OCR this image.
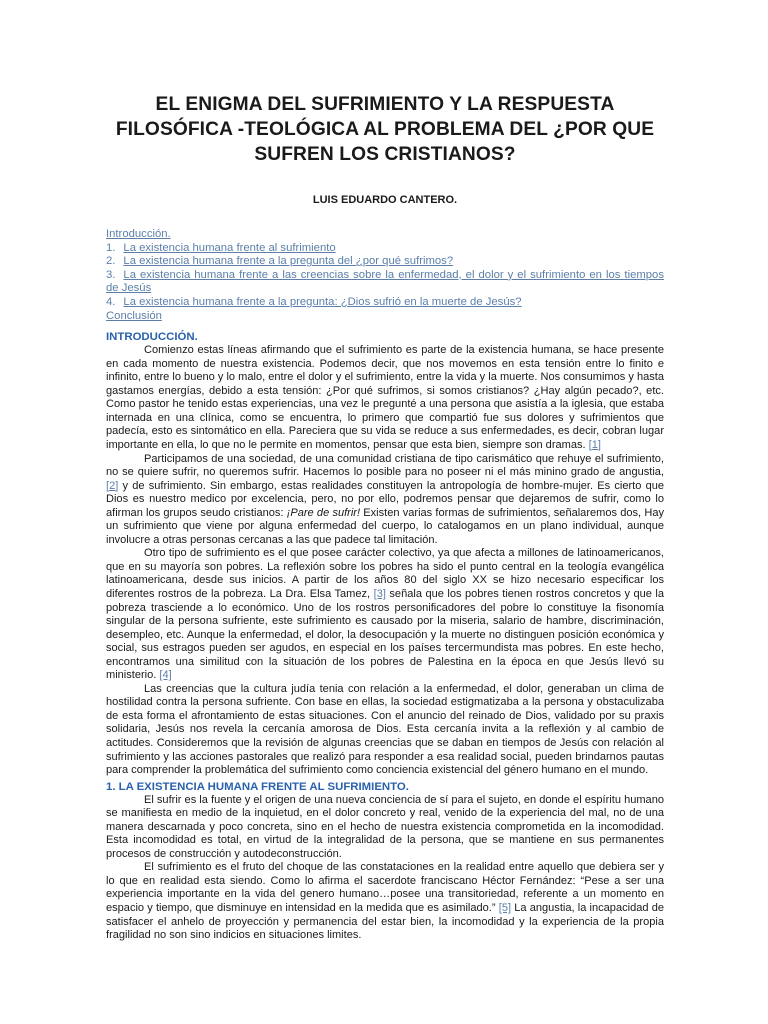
EL ENIGMA DEL SUFRIMIENTO Y LA RESPUESTA
FILOSÓFICA -TEOLÓGICA AL PROBLEMA DEL ¿POR QUE
SUFREN LOS CRISTIANOS?
LUIS EDUARDO CANTERO.
Introducción.
1. La existencia humana frente al sufrimiento
2. La existencia humana frente a la pregunta del ¿por qué sufrimos?
3. La existencia humana frente a las creencias sobre la enfermedad, el dolor y el sufrimiento en los tiempos de Jesús
4. La existencia humana frente a la pregunta: ¿Dios sufrió en la muerte de Jesús?
Conclusión
INTRODUCCIÓN.

Comienzo estas líneas afirmando que el sufrimiento es parte de la existencia humana, se hace presente en cada momento de nuestra existencia. Podemos decir, que nos movemos en esta tensión entre lo finito e infinito, entre lo bueno y lo malo, entre el dolor y el sufrimiento, entre la vida y la muerte. Nos consumimos y hasta gastamos energías, debido a esta tensión: ¿Por qué sufrimos, si somos cristianos? ¿Hay algún pecado?, etc. Como pastor he tenido estas experiencias, una vez le pregunté a una persona que asistía a la iglesia, que estaba internada en una clínica, como se encuentra, lo primero que compartió fue sus dolores y sufrimientos que padecía, esto es sintomático en ella. Pareciera que su vida se reduce a sus enfermedades, es decir, cobran lugar importante en ella, lo que no le permite en momentos, pensar que esta bien, siempre son dramas. [1]

Participamos de una sociedad, de una comunidad cristiana de tipo carismático que rehuye el sufrimiento, no se quiere sufrir, no queremos sufrir. Hacemos lo posible para no poseer ni el más minino grado de angustia, [2] y de sufrimiento. Sin embargo, estas realidades constituyen la antropología de hombre-mujer. Es cierto que Dios es nuestro medico por excelencia, pero, no por ello, podremos pensar que dejaremos de sufrir, como lo afirman los grupos seudo cristianos: ¡Pare de sufrir! Existen varias formas de sufrimientos, señalaremos dos, Hay un sufrimiento que viene por alguna enfermedad del cuerpo, lo catalogamos en un plano individual, aunque involucre a otras personas cercanas a las que padece tal limitación.

Otro tipo de sufrimiento es el que posee carácter colectivo, ya que afecta a millones de latinoamericanos, que en su mayoría son pobres. La reflexión sobre los pobres ha sido el punto central en la teología evangélica latinoamericana, desde sus inicios. A partir de los años 80 del siglo XX se hizo necesario especificar los diferentes rostros de la pobreza. La Dra. Elsa Tamez, [3] señala que los pobres tienen rostros concretos y que la pobreza trasciende a lo económico. Uno de los rostros personificadores del pobre lo constituye la fisonomía singular de la persona sufriente, este sufrimiento es causado por la miseria, salario de hambre, discriminación, desempleo, etc. Aunque la enfermedad, el dolor, la desocupación y la muerte no distinguen posición económica y social, sus estragos pueden ser agudos, en especial en los países tercermundista mas pobres. En este hecho, encontramos una similitud con la situación de los pobres de Palestina en la época en que Jesús llevó su ministerio. [4]

Las creencias que la cultura judía tenia con relación a la enfermedad, el dolor, generaban un clima de hostilidad contra la persona sufriente. Con base en ellas, la sociedad estigmatizaba a la persona y obstaculizaba de esta forma el afrontamiento de estas situaciones. Con el anuncio del reinado de Dios, validado por su praxis solidaria, Jesús nos revela la cercanía amorosa de Dios. Esta cercanía invita a la reflexión y al cambio de actitudes. Consideremos que la revisión de algunas creencias que se daban en tiempos de Jesús con relación al sufrimiento y las acciones pastorales que realizó para responder a esa realidad social, pueden brindarnos pautas para comprender la problemática del sufrimiento como conciencia existencial del género humano en el mundo.

1. LA EXISTENCIA HUMANA FRENTE AL SUFRIMIENTO.

El sufrir es la fuente y el origen de una nueva conciencia de sí para el sujeto, en donde el espíritu humano se manifiesta en medio de la inquietud, en el dolor concreto y real, venido de la experiencia del mal, no de una manera descarnada y poco concreta, sino en el hecho de nuestra existencia comprometida en la incomodidad. Esta incomodidad es total, en virtud de la integralidad de la persona, que se mantiene en sus permanentes procesos de construcción y autodeconstrucción.

El sufrimiento es el fruto del choque de las constataciones en la realidad entre aquello que debiera ser y lo que en realidad esta siendo. Como lo afirma el sacerdote franciscano Héctor Fernández: “Pese a ser una experiencia importante en la vida del genero humano…posee una transitoriedad, referente a un momento en espacio y tiempo, que disminuye en intensidad en la medida que es asimilado.” [5] La angustia, la incapacidad de satisfacer el anhelo de proyección y permanencia del estar bien, la incomodidad y la experiencia de la propia fragilidad no son sino indicios en situaciones limites.
